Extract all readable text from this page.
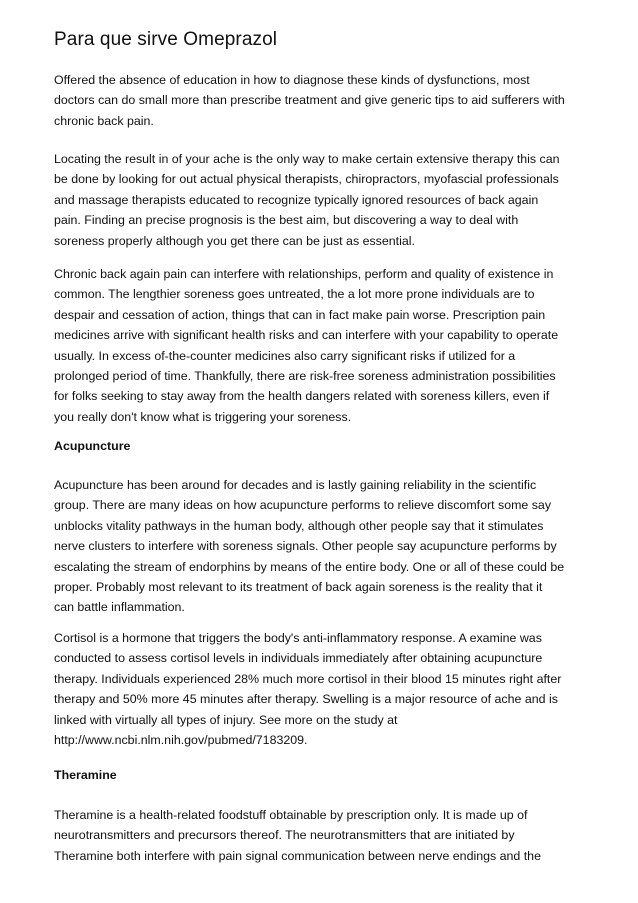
Para que sirve Omeprazol

Offered the absence of education in how to diagnose these kinds of dysfunctions, most
doctors can do small more than prescribe treatment and give generic tips to aid sufferers with
chronic back pain.

Locating the result in of your ache is the only way to make certain extensive therapy this can
be done by looking for out actual physical therapists, chiropractors, myofascial professionals
and massage therapists educated to recognize typically ignored resources of back again
pain. Finding an precise prognosis is the best aim, but discovering a way to deal with
soreness properly although you get there can be just as essential.

Chronic back again pain can interfere with relationships, perform and quality of existence in
common. The lengthier soreness goes untreated, the a lot more prone individuals are to
despair and cessation of action, things that can in fact make pain worse. Prescription pain
medicines arrive with significant health risks and can interfere with your capability to operate
usually. In excess of-the-counter medicines also carry significant risks if utilized for a
prolonged period of time. Thankfully, there are risk-free soreness administration possibilities
for folks seeking to stay away from the health dangers related with soreness killers, even if
you really don't know what is triggering your soreness.

Acupuncture

Acupuncture has been around for decades and is lastly gaining reliability in the scientific
group. There are many ideas on how acupuncture performs to relieve discomfort some say
unblocks vitality pathways in the human body, although other people say that it stimulates
nerve clusters to interfere with soreness signals. Other people say acupuncture performs by
escalating the stream of endorphins by means of the entire body. One or all of these could be
proper. Probably most relevant to its treatment of back again soreness is the reality that it
can battle inflammation.

Cortisol is a hormone that triggers the body's anti-inflammatory response. A examine was
conducted to assess cortisol levels in individuals immediately after obtaining acupuncture
therapy. Individuals experienced 28% much more cortisol in their blood 15 minutes right after
therapy and 50% more 45 minutes after therapy. Swelling is a major resource of ache and is
linked with virtually all types of injury. See more on the study at
http://www.ncbi.nlm.nih.gov/pubmed/7183209.

Theramine

Theramine is a health-related foodstuff obtainable by prescription only. It is made up of
neurotransmitters and precursors thereof. The neurotransmitters that are initiated by
Theramine both interfere with pain signal communication between nerve endings and the
